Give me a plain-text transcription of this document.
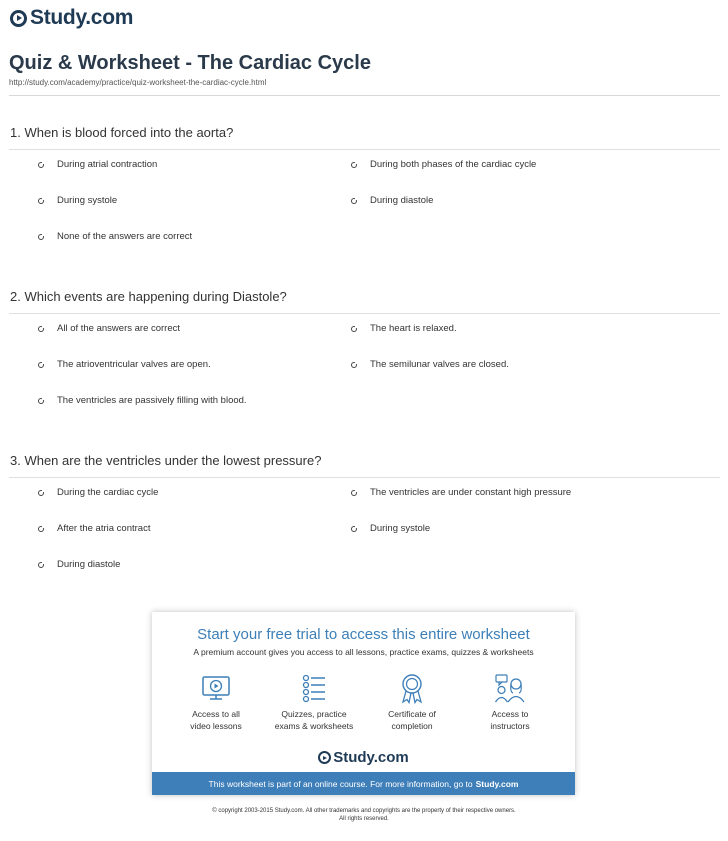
Study.com
Quiz & Worksheet - The Cardiac Cycle
http://study.com/academy/practice/quiz-worksheet-the-cardiac-cycle.html
1. When is blood forced into the aorta?
During atrial contraction	During both phases of the cardiac cycle
During systole	During diastole
None of the answers are correct
2. Which events are happening during Diastole?
All of the answers are correct	The heart is relaxed.
The atrioventricular valves are open.	The semilunar valves are closed.
The ventricles are passively filling with blood.
3. When are the ventricles under the lowest pressure?
During the cardiac cycle	The ventricles are under constant high pressure
After the atria contract	During systole
During diastole
Start your free trial to access this entire worksheet
A premium account gives you access to all lessons, practice exams, quizzes & worksheets
Access to all
video lessons
Quizzes, practice
exams & worksheets
Certificate of
completion
Access to
instructors
Study.com
This worksheet is part of an online course. For more information, go to Study.com
© copyright 2003-2015 Study.com. All other trademarks and copyrights are the property of their respective owners.
All rights reserved.
